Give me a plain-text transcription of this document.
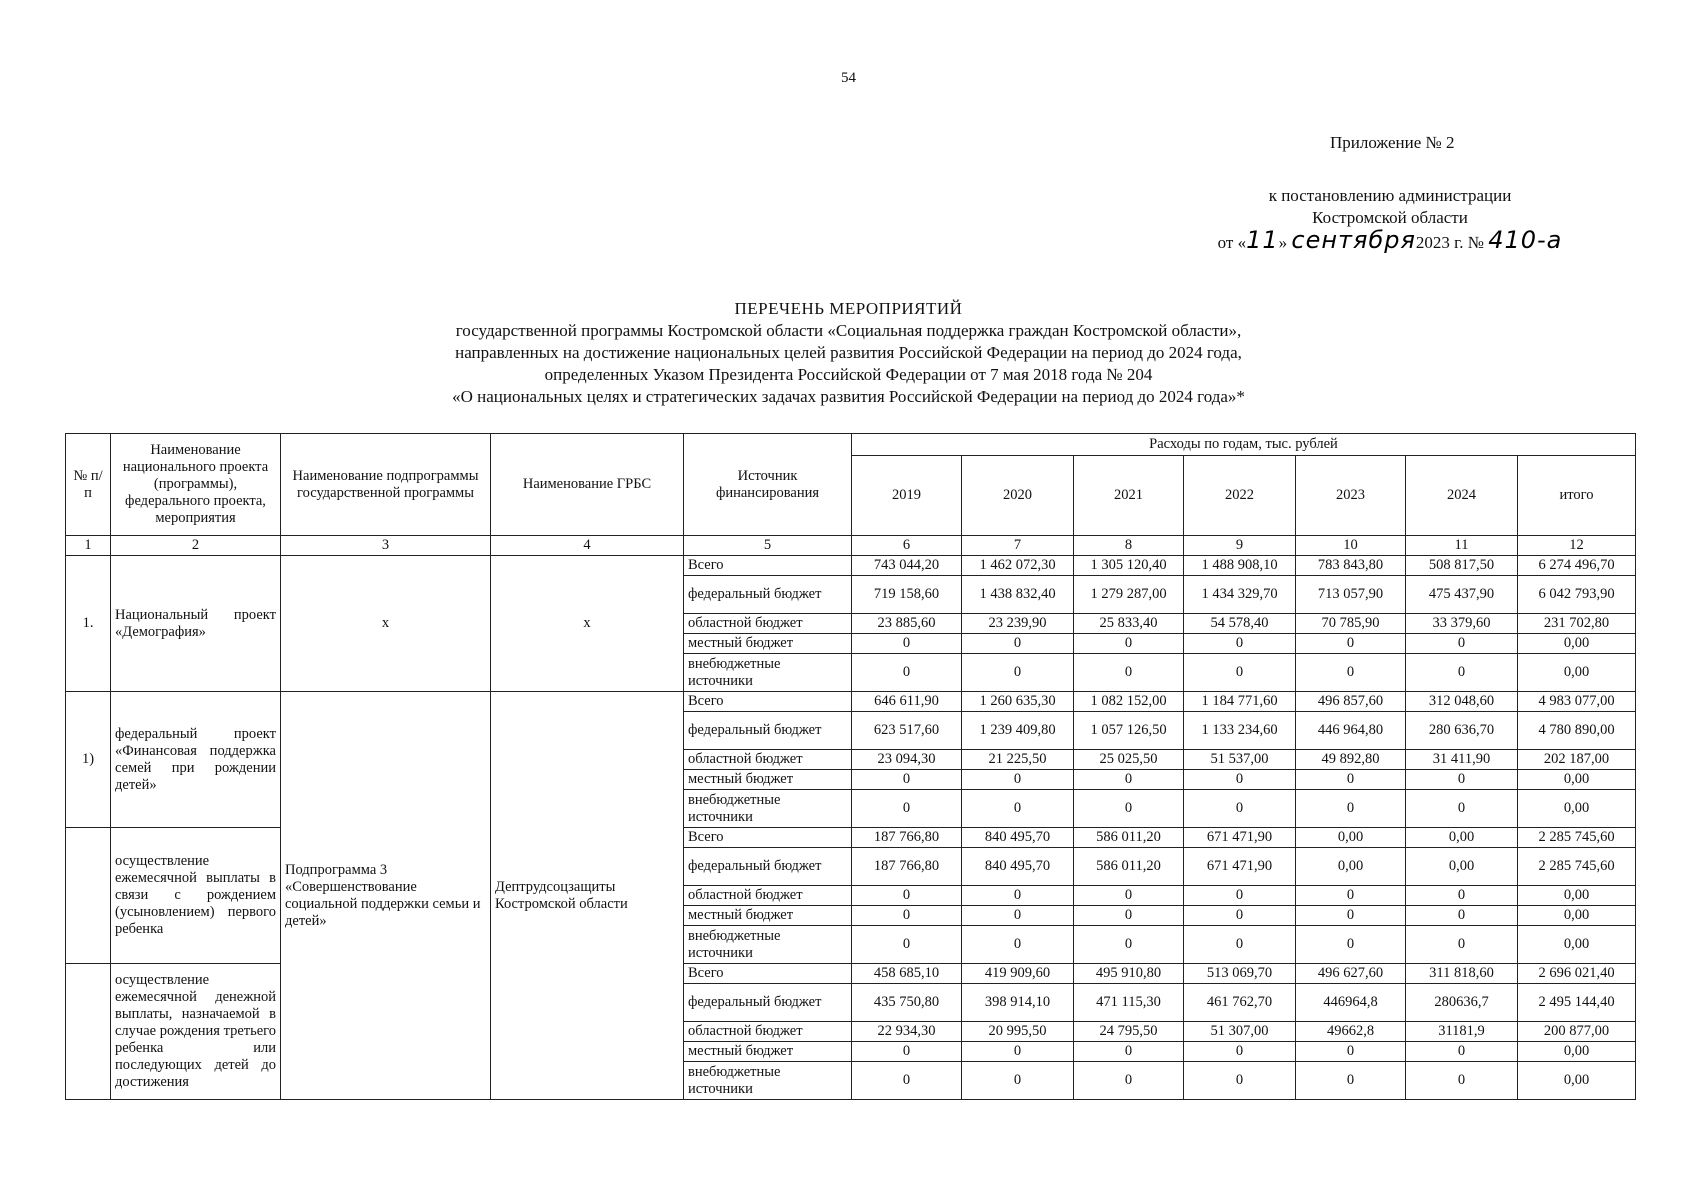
54
Приложение № 2
к постановлению администрации
Костромской области
от «11» сентября2023 г. № 410-а
ПЕРЕЧЕНЬ МЕРОПРИЯТИЙ
государственной программы Костромской области «Социальная поддержка граждан Костромской области»,
направленных на достижение национальных целей развития Российской Федерации на период до 2024 года,
определенных Указом Президента Российской Федерации от 7 мая 2018 года № 204
«О национальных целях и стратегических задачах развития Российской Федерации на период до 2024 года»*
№ п/п	Наименование национального проекта (программы), федерального проекта, мероприятия	Наименование подпрограммы государственной программы	Наименование ГРБС	Источник финансирования	Расходы по годам, тыс. рублей						
					2019	2020	2021	2022	2023	2024	итого
1	2	3	4	5	6	7	8	9	10	11	12
1.	Национальный проект «Демография»	х	х	Всего	743 044,20	1 462 072,30	1 305 120,40	1 488 908,10	783 843,80	508 817,50	6 274 496,70
				федеральный бюджет	719 158,60	1 438 832,40	1 279 287,00	1 434 329,70	713 057,90	475 437,90	6 042 793,90
				областной бюджет	23 885,60	23 239,90	25 833,40	54 578,40	70 785,90	33 379,60	231 702,80
				местный бюджет	0	0	0	0	0	0	0,00
				внебюджетные источники	0	0	0	0	0	0	0,00
1)	федеральный проект «Финансовая поддержка семей при рождении детей»	Подпрограмма 3 «Совершенствование социальной поддержки семьи и детей»	Дептрудсоцзащиты Костромской области	Всего	646 611,90	1 260 635,30	1 082 152,00	1 184 771,60	496 857,60	312 048,60	4 983 077,00
				федеральный бюджет	623 517,60	1 239 409,80	1 057 126,50	1 133 234,60	446 964,80	280 636,70	4 780 890,00
				областной бюджет	23 094,30	21 225,50	25 025,50	51 537,00	49 892,80	31 411,90	202 187,00
				местный бюджет	0	0	0	0	0	0	0,00
				внебюджетные источники	0	0	0	0	0	0	0,00
	осуществление ежемесячной выплаты в связи с рождением (усыновлением) первого ребенка			Всего	187 766,80	840 495,70	586 011,20	671 471,90	0,00	0,00	2 285 745,60
				федеральный бюджет	187 766,80	840 495,70	586 011,20	671 471,90	0,00	0,00	2 285 745,60
				областной бюджет	0	0	0	0	0	0	0,00
				местный бюджет	0	0	0	0	0	0	0,00
				внебюджетные источники	0	0	0	0	0	0	0,00
	осуществление ежемесячной денежной выплаты, назначаемой в случае рождения третьего ребенка или последующих детей до достижения			Всего	458 685,10	419 909,60	495 910,80	513 069,70	496 627,60	311 818,60	2 696 021,40
				федеральный бюджет	435 750,80	398 914,10	471 115,30	461 762,70	446964,8	280636,7	2 495 144,40
				областной бюджет	22 934,30	20 995,50	24 795,50	51 307,00	49662,8	31181,9	200 877,00
				местный бюджет	0	0	0	0	0	0	0,00
				внебюджетные источники	0	0	0	0	0	0	0,00
